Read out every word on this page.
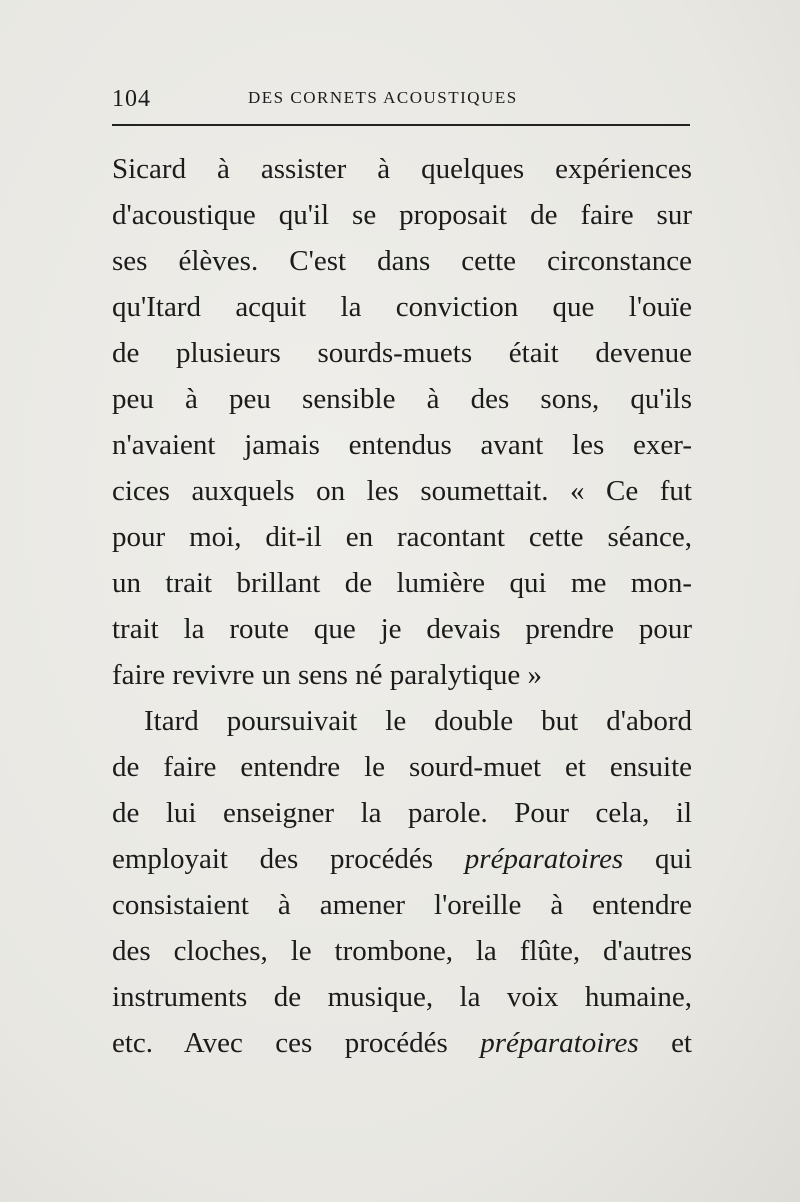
104	DES CORNETS ACOUSTIQUES
Sicard à assister à quelques expériences
d'acoustique qu'il se proposait de faire sur
ses élèves. C'est dans cette circonstance
qu'Itard acquit la conviction que l'ouïe
de plusieurs sourds-muets était devenue
peu à peu sensible à des sons, qu'ils
n'avaient jamais entendus avant les exer-
cices auxquels on les soumettait. « Ce fut
pour moi, dit-il en racontant cette séance,
un trait brillant de lumière qui me mon-
trait la route que je devais prendre pour
faire revivre un sens né paralytique »
Itard poursuivait le double but d'abord
de faire entendre le sourd-muet et ensuite
de lui enseigner la parole. Pour cela, il
employait des procédés préparatoires qui
consistaient à amener l'oreille à entendre
des cloches, le trombone, la flûte, d'autres
instruments de musique, la voix humaine,
etc. Avec ces procédés préparatoires et
